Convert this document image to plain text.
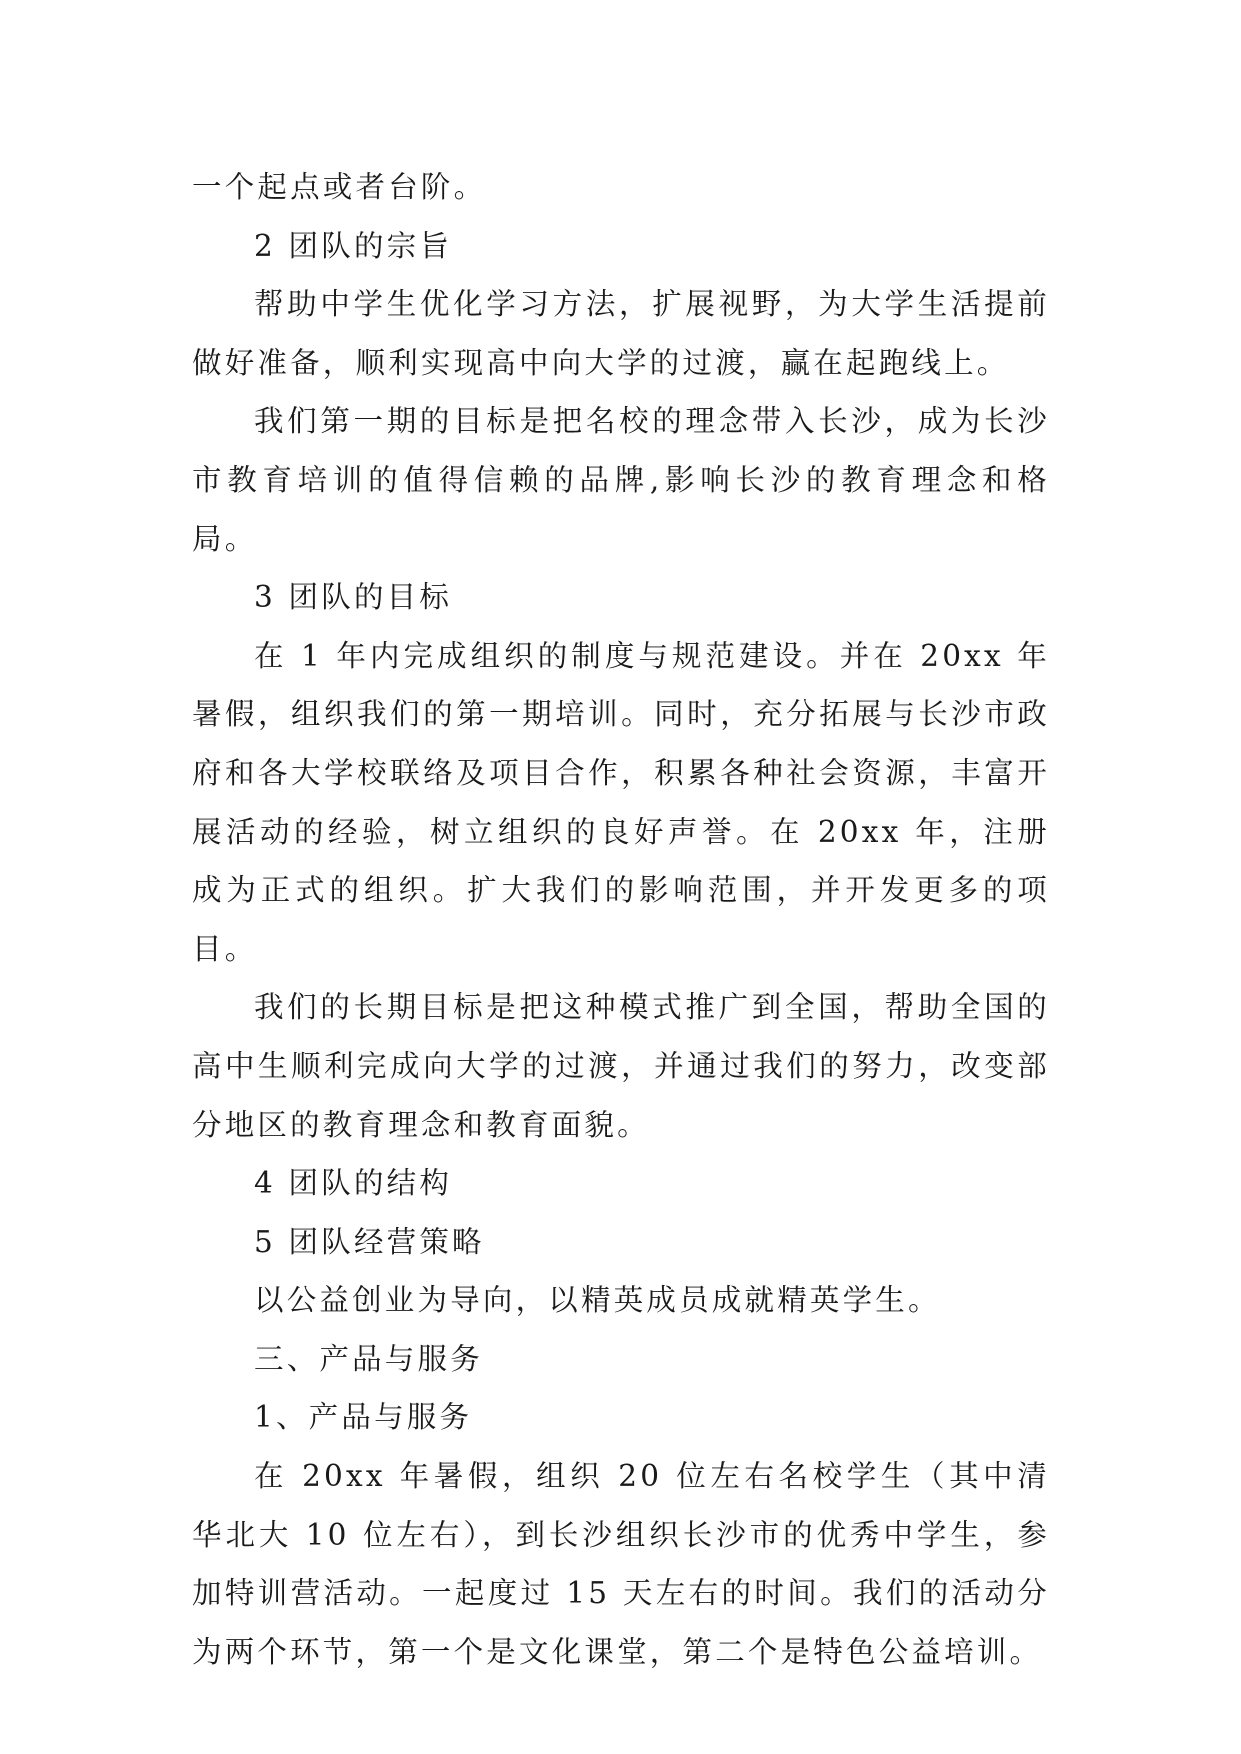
一个起点或者台阶。

2 团队的宗旨

帮助中学生优化学习方法，扩展视野，为大学生活提前做好准备，顺利实现高中向大学的过渡，赢在起跑线上。

我们第一期的目标是把名校的理念带入长沙，成为长沙市教育培训的值得信赖的品牌,影响长沙的教育理念和格局。

3 团队的目标

在 1 年内完成组织的制度与规范建设。并在 20xx 年暑假，组织我们的第一期培训。同时，充分拓展与长沙市政府和各大学校联络及项目合作，积累各种社会资源，丰富开展活动的经验，树立组织的良好声誉。在 20xx 年，注册成为正式的组织。扩大我们的影响范围，并开发更多的项目。

我们的长期目标是把这种模式推广到全国，帮助全国的高中生顺利完成向大学的过渡，并通过我们的努力，改变部分地区的教育理念和教育面貌。

4 团队的结构

5 团队经营策略

以公益创业为导向，以精英成员成就精英学生。

三、产品与服务

1、产品与服务

在 20xx 年暑假，组织 20 位左右名校学生（其中清华北大 10 位左右），到长沙组织长沙市的优秀中学生，参加特训营活动。一起度过 15 天左右的时间。我们的活动分为两个环节，第一个是文化课堂，第二个是特色公益培训。
